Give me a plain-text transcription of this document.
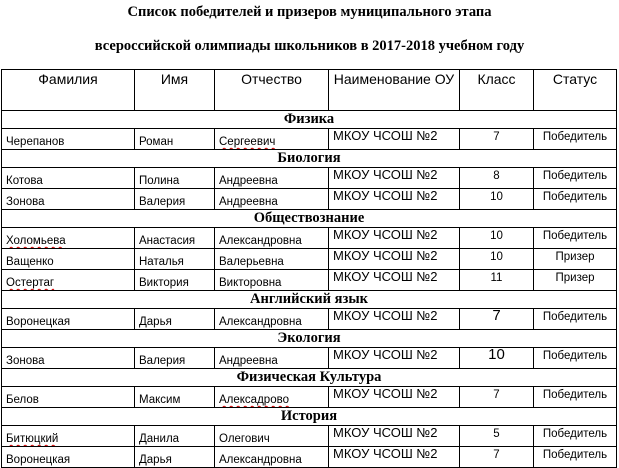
Список победителей и призеров муниципального этапа
всероссийской олимпиады школьников в 2017-2018 учебном году
Фамилия	Имя	Отчество	Наименование ОУ	Класс	Статус
Физика					
Черепанов	Роман	Сергеевич	МКОУ ЧСОШ №2	7	Победитель
Биология					
Котова	Полина	Андреевна	МКОУ ЧСОШ №2	8	Победитель
Зонова	Валерия	Андреевна	МКОУ ЧСОШ №2	10	Победитель
Обществознание					
Холомьева	Анастасия	Александровна	МКОУ ЧСОШ №2	10	Победитель
Ващенко	Наталья	Валерьевна	МКОУ ЧСОШ №2	10	Призер
Остертаг	Виктория	Викторовна	МКОУ ЧСОШ №2	11	Призер
Английский язык					
Воронецкая	Дарья	Александровна	МКОУ ЧСОШ №2	7	Победитель
Экология					
Зонова	Валерия	Андреевна	МКОУ ЧСОШ №2	10	Победитель
Физическая Культура					
Белов	Максим	Алексадрово	МКОУ ЧСОШ №2	7	Победитель
История					
Битюцкий	Данила	Олегович	МКОУ ЧСОШ №2	5	Победитель
Воронецкая	Дарья	Александровна	МКОУ ЧСОШ №2	7	Победитель
